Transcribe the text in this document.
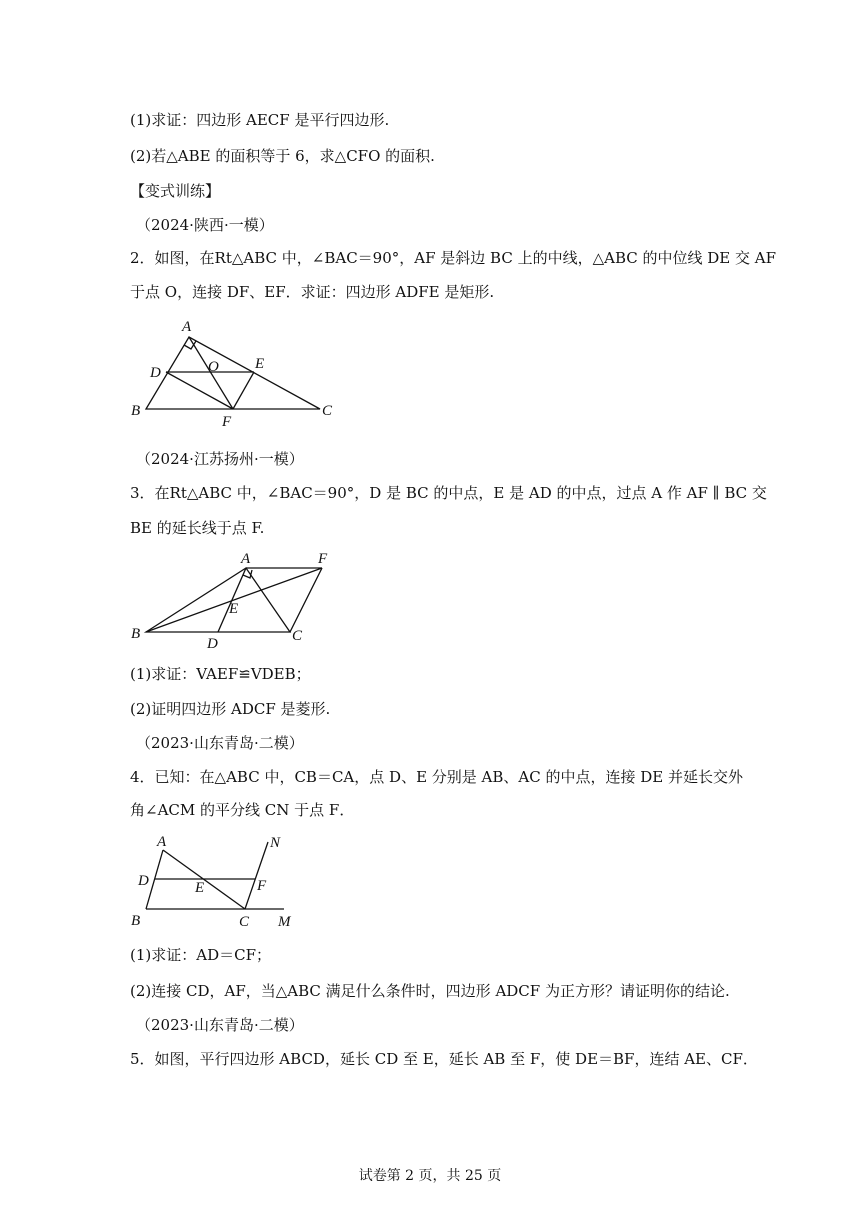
(1)求证：四边形 AECF 是平行四边形.
(2)若△ABE 的面积等于 6，求△CFO 的面积.
【变式训练】
（2024·陕西·一模）
2．如图，在Rt△ABC 中，∠BAC＝90°，AF 是斜边 BC 上的中线，△ABC 的中位线 DE 交 AF
于点 O，连接 DF、EF．求证：四边形 ADFE 是矩形.
A
D	O E
B
F
C
（2024·江苏扬州·一模）
3．在Rt△ABC 中，∠BAC＝90°，D 是 BC 的中点，E 是 AD 的中点，过点 A 作 AF ∥ BC 交
BE 的延长线于点 F.
A	F
E
B
D	C
(1)求证：VAEF≌VDEB；
(2)证明四边形 ADCF 是菱形.
（2023·山东青岛·二模）
4．已知：在△ABC 中，CB＝CA，点 D、E 分别是 AB、AC 的中点，连接 DE 并延长交外
角∠ACM 的平分线 CN 于点 F．
A	N
D	E	F
B	C M
(1)求证：AD＝CF；
(2)连接 CD，AF，当△ABC 满足什么条件时，四边形 ADCF 为正方形？请证明你的结论.
（2023·山东青岛·二模）
5．如图，平行四边形 ABCD，延长 CD 至 E，延长 AB 至 F，使 DE＝BF，连结 AE、CF．
试卷第 2 页，共 25 页
